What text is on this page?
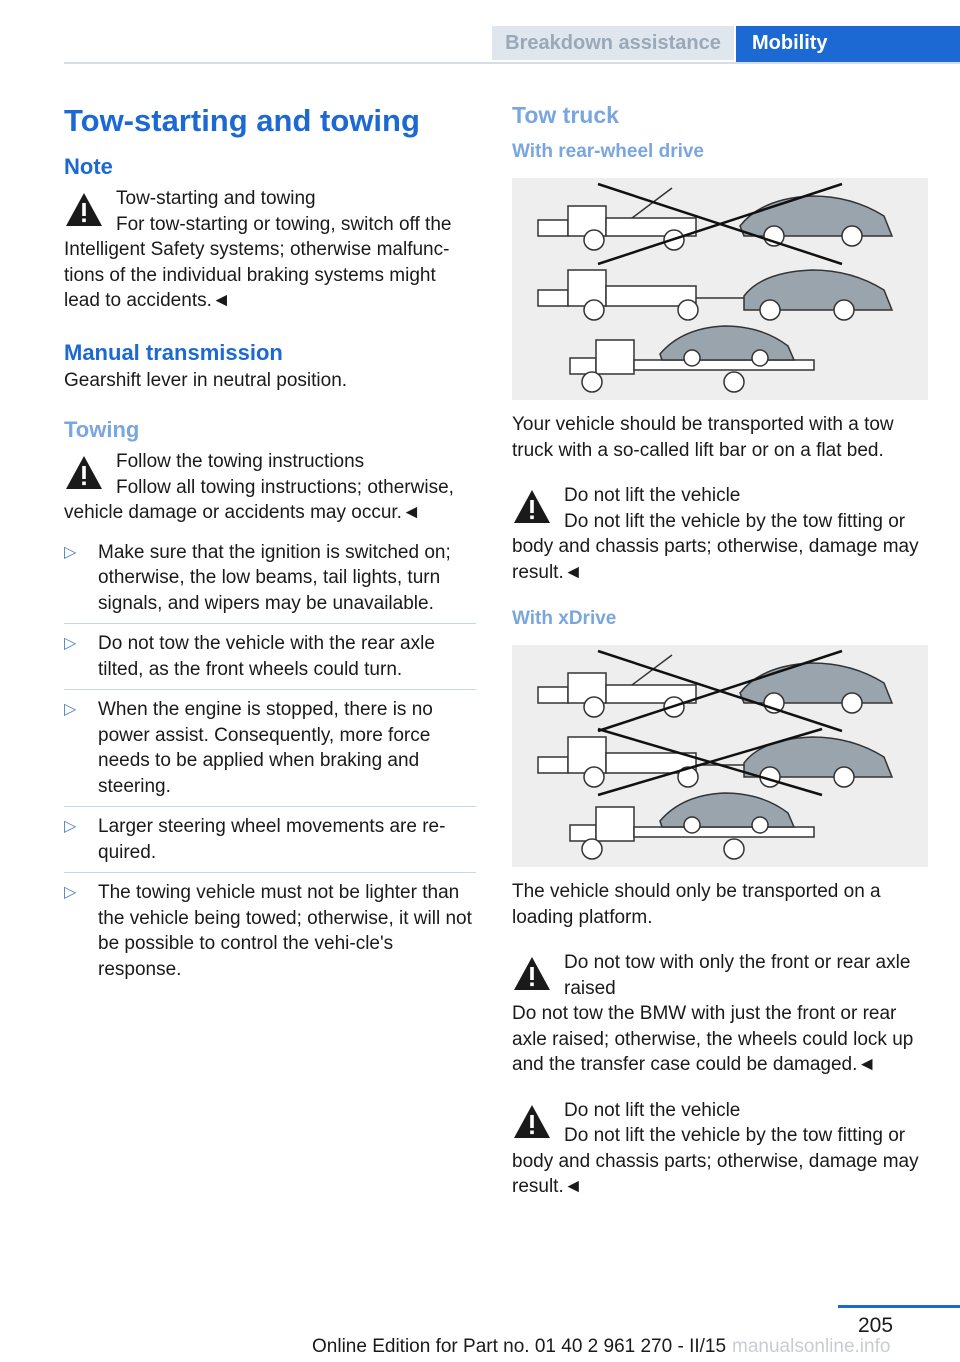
Breakdown assistance	Mobility
Tow-starting and towing
Note
Tow-starting and towing
For tow-starting or towing, switch off the Intelligent Safety systems; otherwise malfunc-tions of the individual braking systems might lead to accidents.◄
Manual transmission

Gearshift lever in neutral position.

Towing
Follow the towing instructions
Follow all towing instructions; otherwise, vehicle damage or accidents may occur.◄
▷ Make sure that the ignition is switched on; otherwise, the low beams, tail lights, turn signals, and wipers may be unavailable.
▷ Do not tow the vehicle with the rear axle tilted, as the front wheels could turn.
▷ When the engine is stopped, there is no power assist. Consequently, more force needs to be applied when braking and steering.
▷ Larger steering wheel movements are re-quired.
▷ The towing vehicle must not be lighter than the vehicle being towed; otherwise, it will not be possible to control the vehi-cle's response.
Tow truck
With rear-wheel drive

Your vehicle should be transported with a tow truck with a so-called lift bar or on a flat bed.

Do not lift the vehicle
Do not lift the vehicle by the tow fitting or body and chassis parts; otherwise, damage may result.◄
With xDrive

The vehicle should only be transported on a loading platform.

Do not tow with only the front or rear axle raised
Do not tow the BMW with just the front or rear axle raised; otherwise, the wheels could lock up and the transfer case could be damaged.◄
Do not lift the vehicle
Do not lift the vehicle by the tow fitting or body and chassis parts; otherwise, damage may result.◄
205
Online Edition for Part no. 01 40 2 961 270 - II/15 manualsonline.info
